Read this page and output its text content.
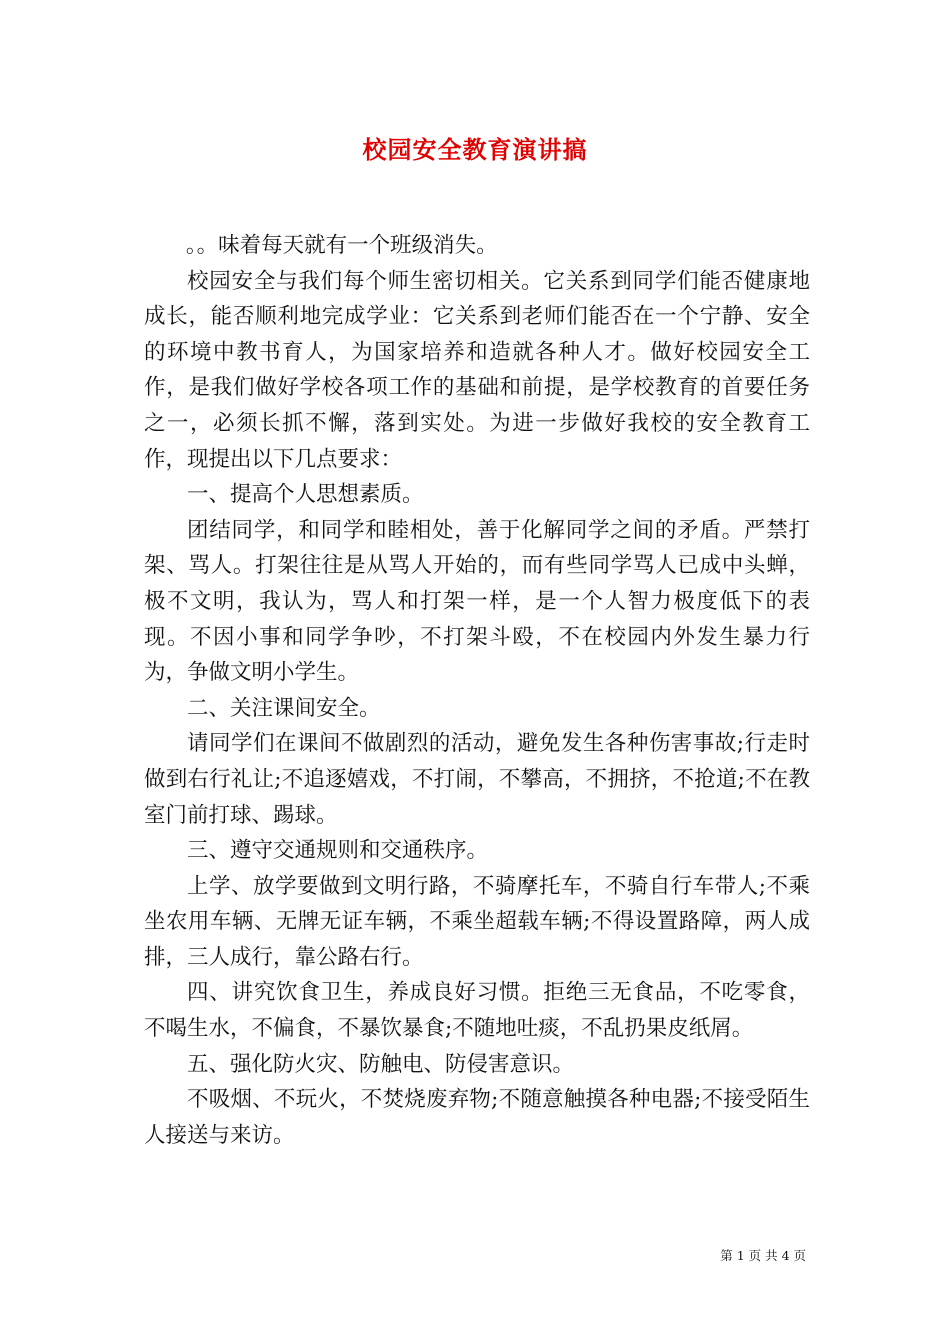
校园安全教育演讲搞

。。味着每天就有一个班级消失。

校园安全与我们每个师生密切相关。它关系到同学们能否健康地成长，能否顺利地完成学业：它关系到老师们能否在一个宁静、安全的环境中教书育人，为国家培养和造就各种人才。做好校园安全工作，是我们做好学校各项工作的基础和前提，是学校教育的首要任务之一，必须长抓不懈，落到实处。为进一步做好我校的安全教育工作，现提出以下几点要求：

一、提高个人思想素质。

团结同学，和同学和睦相处，善于化解同学之间的矛盾。严禁打架、骂人。打架往往是从骂人开始的，而有些同学骂人已成中头蝉，极不文明，我认为，骂人和打架一样，是一个人智力极度低下的表现。不因小事和同学争吵，不打架斗殴，不在校园内外发生暴力行为，争做文明小学生。

二、关注课间安全。

请同学们在课间不做剧烈的活动，避免发生各种伤害事故;行走时做到右行礼让;不追逐嬉戏，不打闹，不攀高，不拥挤，不抢道;不在教室门前打球、踢球。

三、遵守交通规则和交通秩序。

上学、放学要做到文明行路，不骑摩托车，不骑自行车带人;不乘坐农用车辆、无牌无证车辆，不乘坐超载车辆;不得设置路障，两人成排，三人成行，靠公路右行。

四、讲究饮食卫生，养成良好习惯。拒绝三无食品，不吃零食，不喝生水，不偏食，不暴饮暴食;不随地吐痰，不乱扔果皮纸屑。

五、强化防火灾、防触电、防侵害意识。

不吸烟、不玩火，不焚烧废弃物;不随意触摸各种电器;不接受陌生人接送与来访。

第 1 页 共 4 页
